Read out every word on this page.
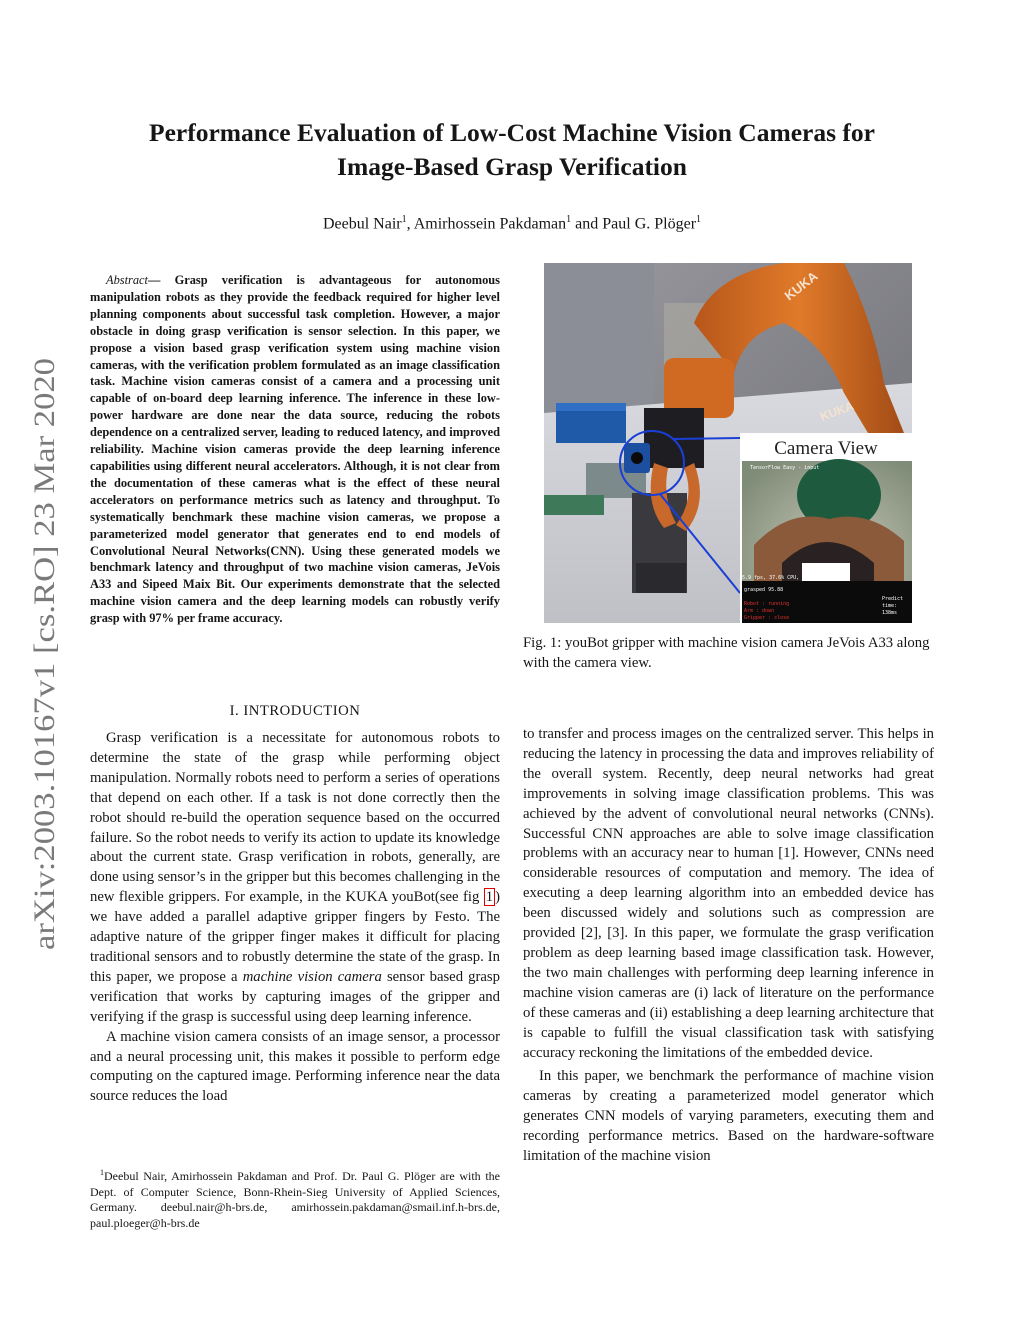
arXiv:2003.10167v1 [cs.RO] 23 Mar 2020
Performance Evaluation of Low-Cost Machine Vision Cameras for
Image-Based Grasp Verification
Deebul Nair$^1$, Amirhossein Pakdaman$^1$ and Paul G. Plöger$^1$

Abstract— Grasp verification is advantageous for autonomous manipulation robots as they provide the feedback required for higher level planning components about successful task completion. However, a major obstacle in doing grasp verification is sensor selection. In this paper, we propose a vision based grasp verification system using machine vision cameras, with the verification problem formulated as an image classification task. Machine vision cameras consist of a camera and a processing unit capable of on-board deep learning inference. The inference in these low-power hardware are done near the data source, reducing the robots dependence on a centralized server, leading to reduced latency, and improved reliability. Machine vision cameras provide the deep learning inference capabilities using different neural accelerators. Although, it is not clear from the documentation of these cameras what is the effect of these neural accelerators on performance metrics such as latency and throughput. To systematically benchmark these machine vision cameras, we propose a parameterized model generator that generates end to end models of Convolutional Neural Networks(CNN). Using these generated models we benchmark latency and throughput of two machine vision cameras, JeVois A33 and Sipeed Maix Bit. Our experiments demonstrate that the selected machine vision camera and the deep learning models can robustly verify grasp with 97% per frame accuracy.

I. INTRODUCTION

Grasp verification is a necessitate for autonomous robots to determine the state of the grasp while performing object manipulation. Normally robots need to perform a series of operations that depend on each other. If a task is not done correctly then the robot should re-build the operation sequence based on the occurred failure. So the robot needs to verify its action to update its knowledge about the current state. Grasp verification in robots, generally, are done using sensor’s in the gripper but this becomes challenging in the new flexible grippers. For example, in the KUKA youBot(see fig 1 ) we have added a parallel adaptive gripper fingers by Festo. The adaptive nature of the gripper finger makes it difficult for placing traditional sensors and to robustly determine the state of the grasp. In this paper, we propose a machine vision camera sensor based grasp verification that works by capturing images of the gripper and verifying if the grasp is successful using deep learning inference.

A machine vision camera consists of an image sensor, a processor and a neural processing unit, this makes it possible to perform edge computing on the captured image. Performing inference near the data source reduces the load

$^1$Deebul Nair, Amirhossein Pakdaman and Prof. Dr. Paul G. Plöger are with the Dept. of Computer Science, Bonn-Rhein-Sieg University of Applied Sciences, Germany. deebul.nair@h-brs.de, amirhossein.pakdaman@smail.inf.h-brs.de, paul.ploeger@h-brs.de

KUKA
KUKA
Camera View
TensorFlow Easy - input
5.9 fps, 37.6% CPU,
grasped 95.88
Robot : running
Arm : down
Gripper : close
Predict
time:
138ms

Fig. 1: youBot gripper with machine vision camera JeVois A33 along with the camera view.

to transfer and process images on the centralized server. This helps in reducing the latency in processing the data and improves reliability of the overall system. Recently, deep neural networks had great improvements in solving image classification problems. This was achieved by the advent of convolutional neural networks (CNNs). Successful CNN approaches are able to solve image classification problems with an accuracy near to human [1]. However, CNNs need considerable resources of computation and memory. The idea of executing a deep learning algorithm into an embedded device has been discussed widely and solutions such as compression are provided [2], [3]. In this paper, we formulate the grasp verification problem as deep learning based image classification task. However, the two main challenges with performing deep learning inference in machine vision cameras are (i) lack of literature on the performance of these cameras and (ii) establishing a deep learning architecture that is capable to fulfill the visual classification task with satisfying accuracy reckoning the limitations of the embedded device.

In this paper, we benchmark the performance of machine vision cameras by creating a parameterized model generator which generates CNN models of varying parameters, executing them and recording performance metrics. Based on the hardware-software limitation of the machine vision
